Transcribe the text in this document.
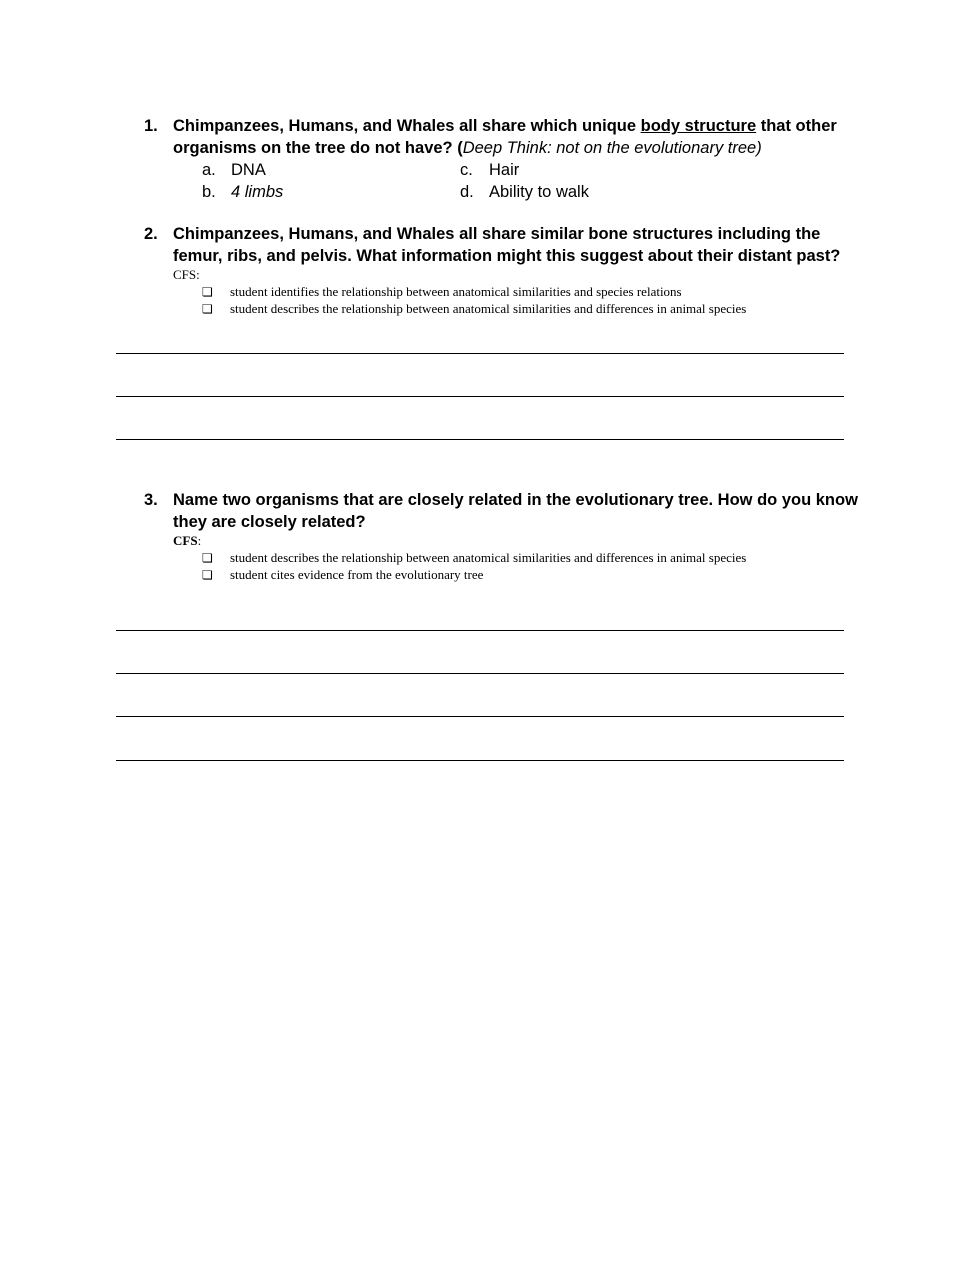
1. Chimpanzees, Humans, and Whales all share which unique body structure that other organisms on the tree do not have? (Deep Think: not on the evolutionary tree)
a. DNA
b. 4 limbs
c. Hair
d. Ability to walk
2. Chimpanzees, Humans, and Whales all share similar bone structures including the femur, ribs, and pelvis. What information might this suggest about their distant past?
CFS:
❏ student identifies the relationship between anatomical similarities and species relations
❏ student describes the relationship between anatomical similarities and differences in animal species
3. Name two organisms that are closely related in the evolutionary tree. How do you know they are closely related?
CFS:
❏ student describes the relationship between anatomical similarities and differences in animal species
❏ student cites evidence from the evolutionary tree
